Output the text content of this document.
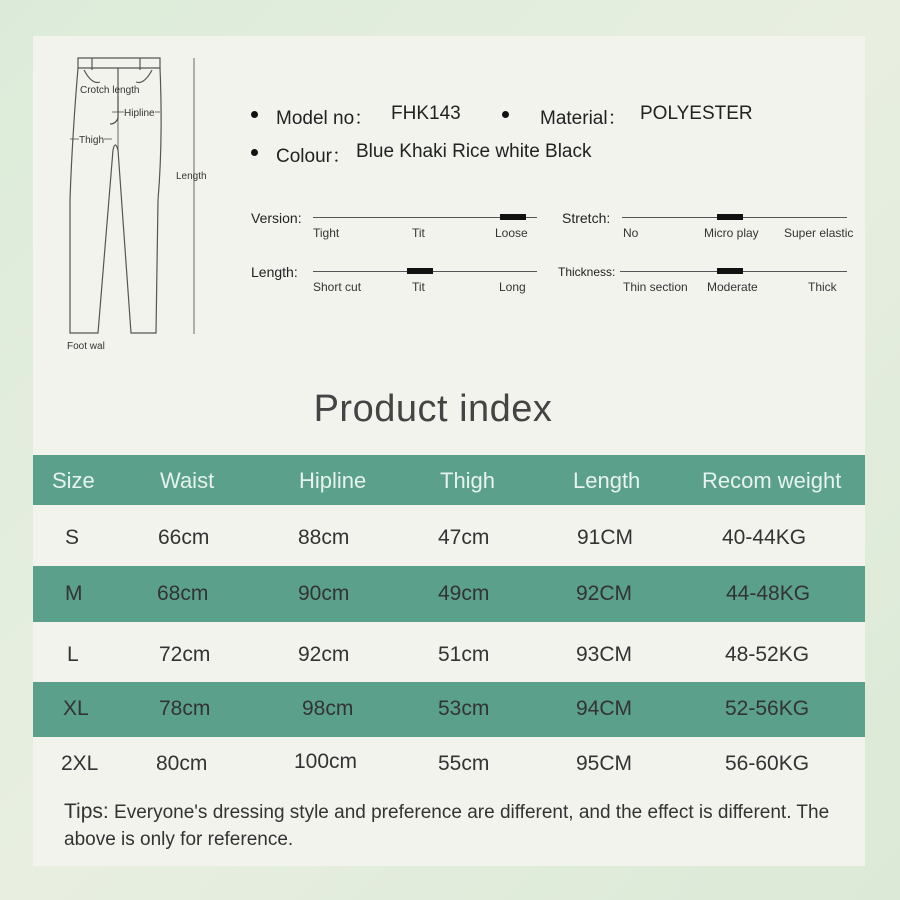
Crotch length
Hipline
Thigh
Length
Foot wal
Model no： FHK143	Material： POLYESTER
Colour： Blue Khaki Rice white Black
Version:
Tight	Tit	Loose
Stretch:
No	Micro play Super elastic
Length:
Short cut	Tit	Long
Thickness:
Thin section Moderate	Thick
Product index
Size	Waist	Hipline	Thigh	Length	Recom weight
S	66cm	88cm	47cm	91CM	40-44KG
M	68cm	90cm	49cm	92CM	44-48KG
L	72cm	92cm	51cm	93CM	48-52KG
XL	78cm	98cm	53cm	94CM	52-56KG
2XL	80cm	100cm	55cm	95CM	56-60KG
Tips: Everyone's dressing style and preference are different, and the effect is different. The above is only for reference.
